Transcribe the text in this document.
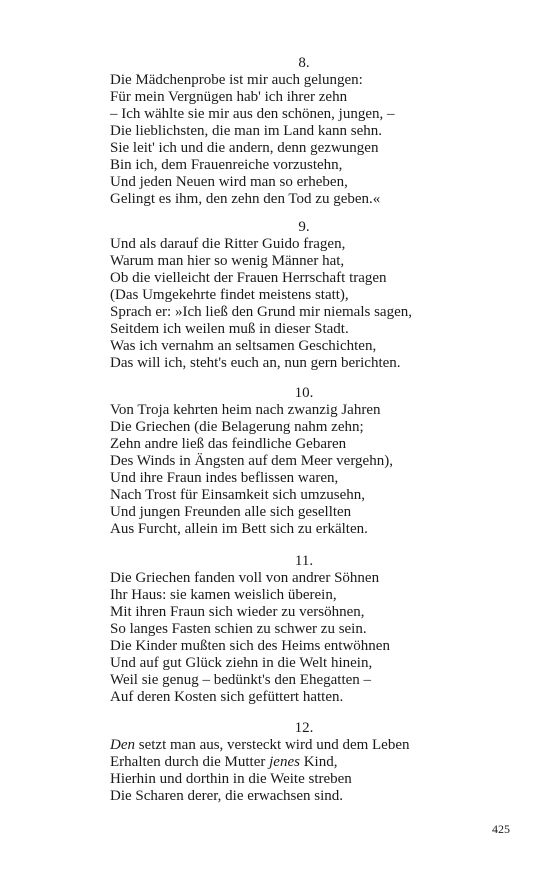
8.
Die Mädchenprobe ist mir auch gelungen:
Für mein Vergnügen hab' ich ihrer zehn
– Ich wählte sie mir aus den schönen, jungen, –
Die lieblichsten, die man im Land kann sehn.
Sie leit' ich und die andern, denn gezwungen
Bin ich, dem Frauenreiche vorzustehn,
Und jeden Neuen wird man so erheben,
Gelingt es ihm, den zehn den Tod zu geben.«
9.
Und als darauf die Ritter Guido fragen,
Warum man hier so wenig Männer hat,
Ob die vielleicht der Frauen Herrschaft tragen
(Das Umgekehrte findet meistens statt),
Sprach er: »Ich ließ den Grund mir niemals sagen,
Seitdem ich weilen muß in dieser Stadt.
Was ich vernahm an seltsamen Geschichten,
Das will ich, steht's euch an, nun gern berichten.
10.
Von Troja kehrten heim nach zwanzig Jahren
Die Griechen (die Belagerung nahm zehn;
Zehn andre ließ das feindliche Gebaren
Des Winds in Ängsten auf dem Meer vergehn),
Und ihre Fraun indes beflissen waren,
Nach Trost für Einsamkeit sich umzusehn,
Und jungen Freunden alle sich gesellten
Aus Furcht, allein im Bett sich zu erkälten.
11.
Die Griechen fanden voll von andrer Söhnen
Ihr Haus: sie kamen weislich überein,
Mit ihren Fraun sich wieder zu versöhnen,
So langes Fasten schien zu schwer zu sein.
Die Kinder mußten sich des Heims entwöhnen
Und auf gut Glück ziehn in die Welt hinein,
Weil sie genug – bedünkt's den Ehegatten –
Auf deren Kosten sich gefüttert hatten.
12.
Den setzt man aus, versteckt wird und dem Leben
Erhalten durch die Mutter jenes Kind,
Hierhin und dorthin in die Weite streben
Die Scharen derer, die erwachsen sind.
425
